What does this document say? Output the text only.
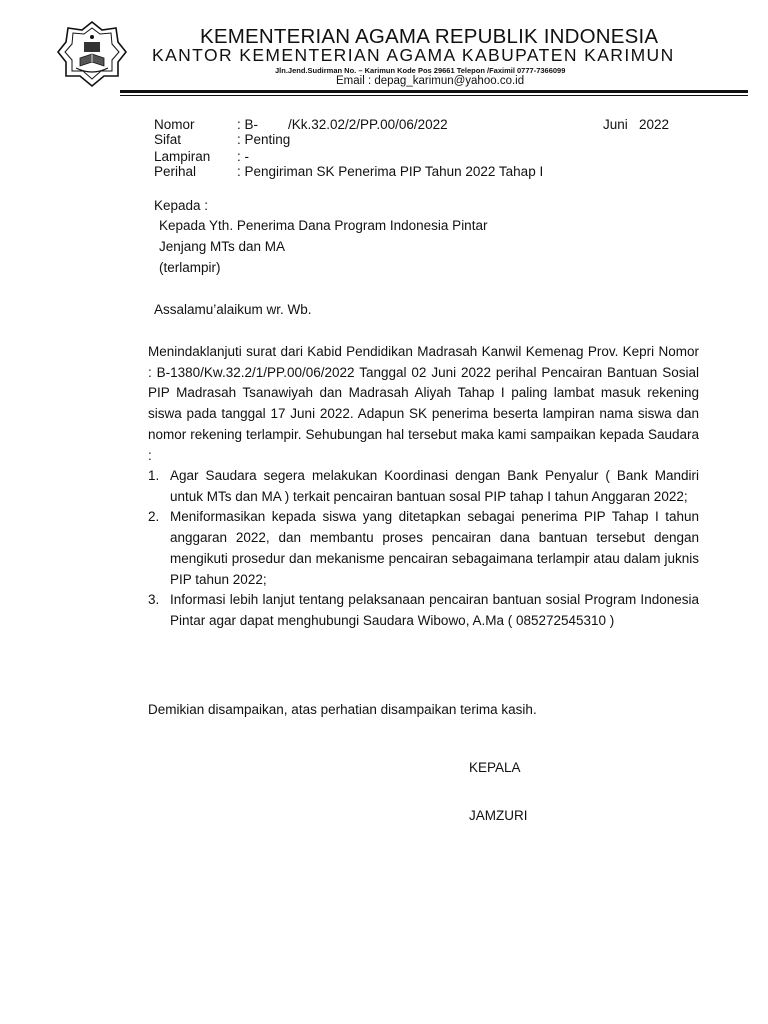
KEMENTERIAN AGAMA REPUBLIK INDONESIA
KANTOR KEMENTERIAN AGAMA KABUPATEN KARIMUN
Jln.Jend.Sudirman No. – Karimun Kode Pos 29661 Telepon /Faximil 0777-7366099
Email : depag_karimun@yahoo.co.id
Nomor	: B-        /Kk.32.02/2/PP.00/06/2022	Juni   2022
Sifat	: Penting
Lampiran : -
Perihal	: Pengiriman SK Penerima PIP Tahun 2022 Tahap I
Kepada :
Kepada Yth. Penerima Dana Program Indonesia Pintar
Jenjang MTs dan MA
(terlampir)
Assalamu’alaikum wr. Wb.
Menindaklanjuti surat dari Kabid Pendidikan Madrasah Kanwil Kemenag Prov. Kepri Nomor : B-1380/Kw.32.2/1/PP.00/06/2022 Tanggal 02 Juni 2022 perihal Pencairan Bantuan Sosial PIP Madrasah Tsanawiyah dan Madrasah Aliyah Tahap I paling lambat masuk rekening siswa pada tanggal 17 Juni 2022. Adapun SK penerima beserta lampiran nama siswa dan nomor rekening terlampir. Sehubungan hal tersebut maka kami sampaikan kepada Saudara :
1. Agar Saudara segera melakukan Koordinasi dengan Bank Penyalur ( Bank Mandiri untuk MTs dan MA ) terkait pencairan bantuan sosal PIP tahap I tahun Anggaran 2022;
2. Meniformasikan kepada siswa yang ditetapkan sebagai penerima PIP Tahap I tahun anggaran 2022, dan membantu proses pencairan dana bantuan tersebut dengan mengikuti prosedur dan mekanisme pencairan sebagaimana terlampir atau dalam juknis PIP tahun 2022;
3. Informasi lebih lanjut tentang pelaksanaan pencairan bantuan sosial Program Indonesia Pintar agar dapat menghubungi Saudara Wibowo, A.Ma ( 085272545310 )
Demikian disampaikan, atas perhatian disampaikan terima kasih.
KEPALA
JAMZURI
